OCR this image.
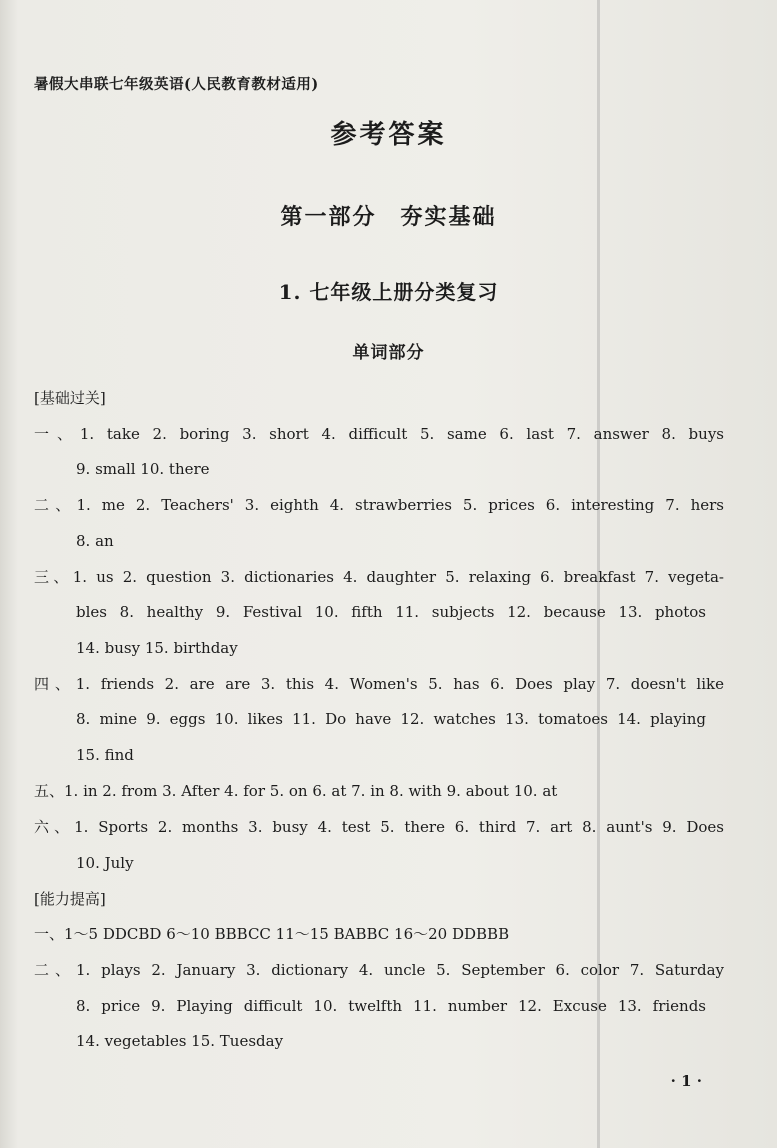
暑假大串联七年级英语(人民教育教材适用)
参考答案
第一部分　夯实基础
1. 七年级上册分类复习
单词部分
[基础过关]
一、1. take 2. boring 3. short 4. difficult 5. same 6. last 7. answer 8. buys
9. small 10. there
二、1. me 2. Teachers' 3. eighth 4. strawberries 5. prices 6. interesting 7. hers
8. an
三、1. us 2. question 3. dictionaries 4. daughter 5. relaxing 6. breakfast 7. vegeta-
bles 8. healthy 9. Festival 10. fifth 11. subjects 12. because 13. photos
14. busy 15. birthday
四、1. friends 2. are are 3. this 4. Women's 5. has 6. Does play 7. doesn't like
8. mine 9. eggs 10. likes 11. Do have 12. watches 13. tomatoes 14. playing
15. find
五、1. in 2. from 3. After 4. for 5. on 6. at 7. in 8. with 9. about 10. at
六、1. Sports 2. months 3. busy 4. test 5. there 6. third 7. art 8. aunt's 9. Does
10. July
[能力提高]
一、1～5 DDCBD 6～10 BBBCC 11～15 BABBC 16～20 DDBBB
二、1. plays 2. January 3. dictionary 4. uncle 5. September 6. color 7. Saturday
8. price 9. Playing difficult 10. twelfth 11. number 12. Excuse 13. friends
14. vegetables 15. Tuesday
· 1 ·
